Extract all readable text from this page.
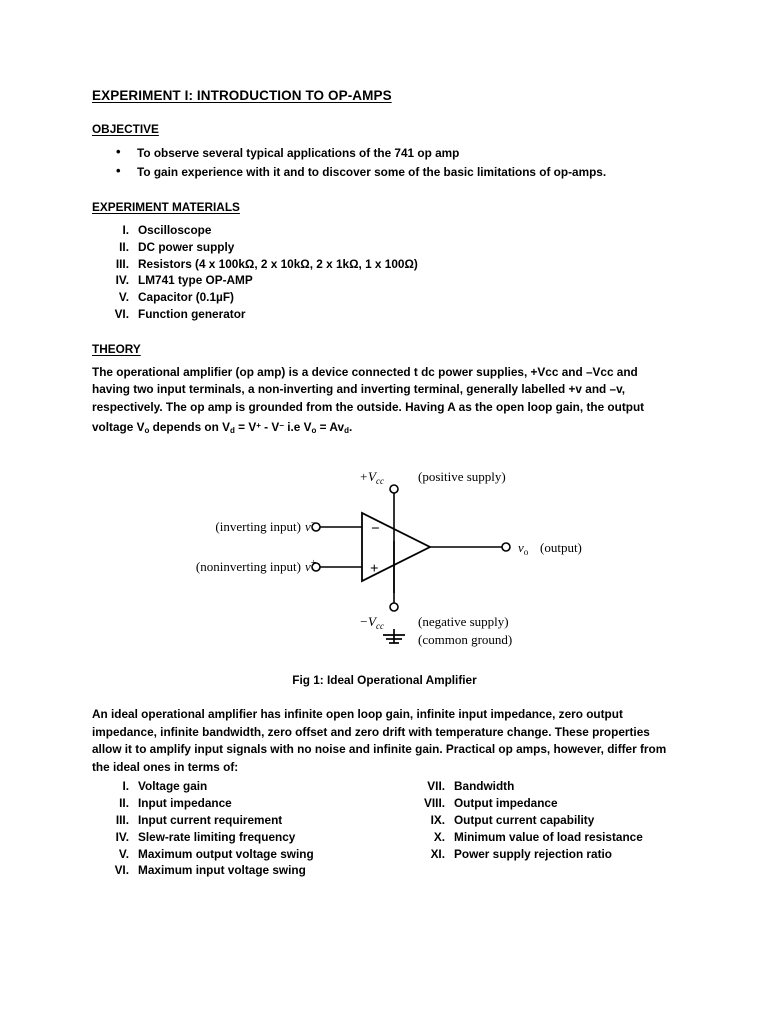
EXPERIMENT I: INTRODUCTION TO OP-AMPS
OBJECTIVE
• To observe several typical applications of the 741 op amp
• To gain experience with it and to discover some of the basic limitations of op-amps.
EXPERIMENT MATERIALS
I. Oscilloscope
II. DC power supply
III. Resistors (4 x 100kΩ, 2 x 10kΩ, 2 x 1kΩ, 1 x 100Ω)
IV. LM741 type OP-AMP
V. Capacitor (0.1µF)
VI. Function generator
THEORY

The operational amplifier (op amp) is a device connected t dc power supplies, +Vcc and –Vcc and having two input terminals, a non-inverting and inverting terminal, generally labelled +v and –v, respectively. The op amp is grounded from the outside. Having A as the open loop gain, the output voltage $V_o$ depends on $V_d = V^+ - V^-$ i.e $V_o = Av_d$.

−
+
$+V_{cc}$	(positive supply)
$-V_{cc}$	(negative supply)
(common ground)
(inverting input) v−
(noninverting input) v+
$v_o$ (output)
Fig 1: Ideal Operational Amplifier

An ideal operational amplifier has infinite open loop gain, infinite input impedance, zero output impedance, infinite bandwidth, zero offset and zero drift with temperature change. These properties allow it to amplify input signals with no noise and infinite gain. Practical op amps, however, differ from the ideal ones in terms of:

I. Voltage gain
II. Input impedance
III. Input current requirement
IV. Slew-rate limiting frequency
V. Maximum output voltage swing
VI. Maximum input voltage swing
VII. Bandwidth
VIII. Output impedance
IX. Output current capability
X. Minimum value of load resistance
XI. Power supply rejection ratio
